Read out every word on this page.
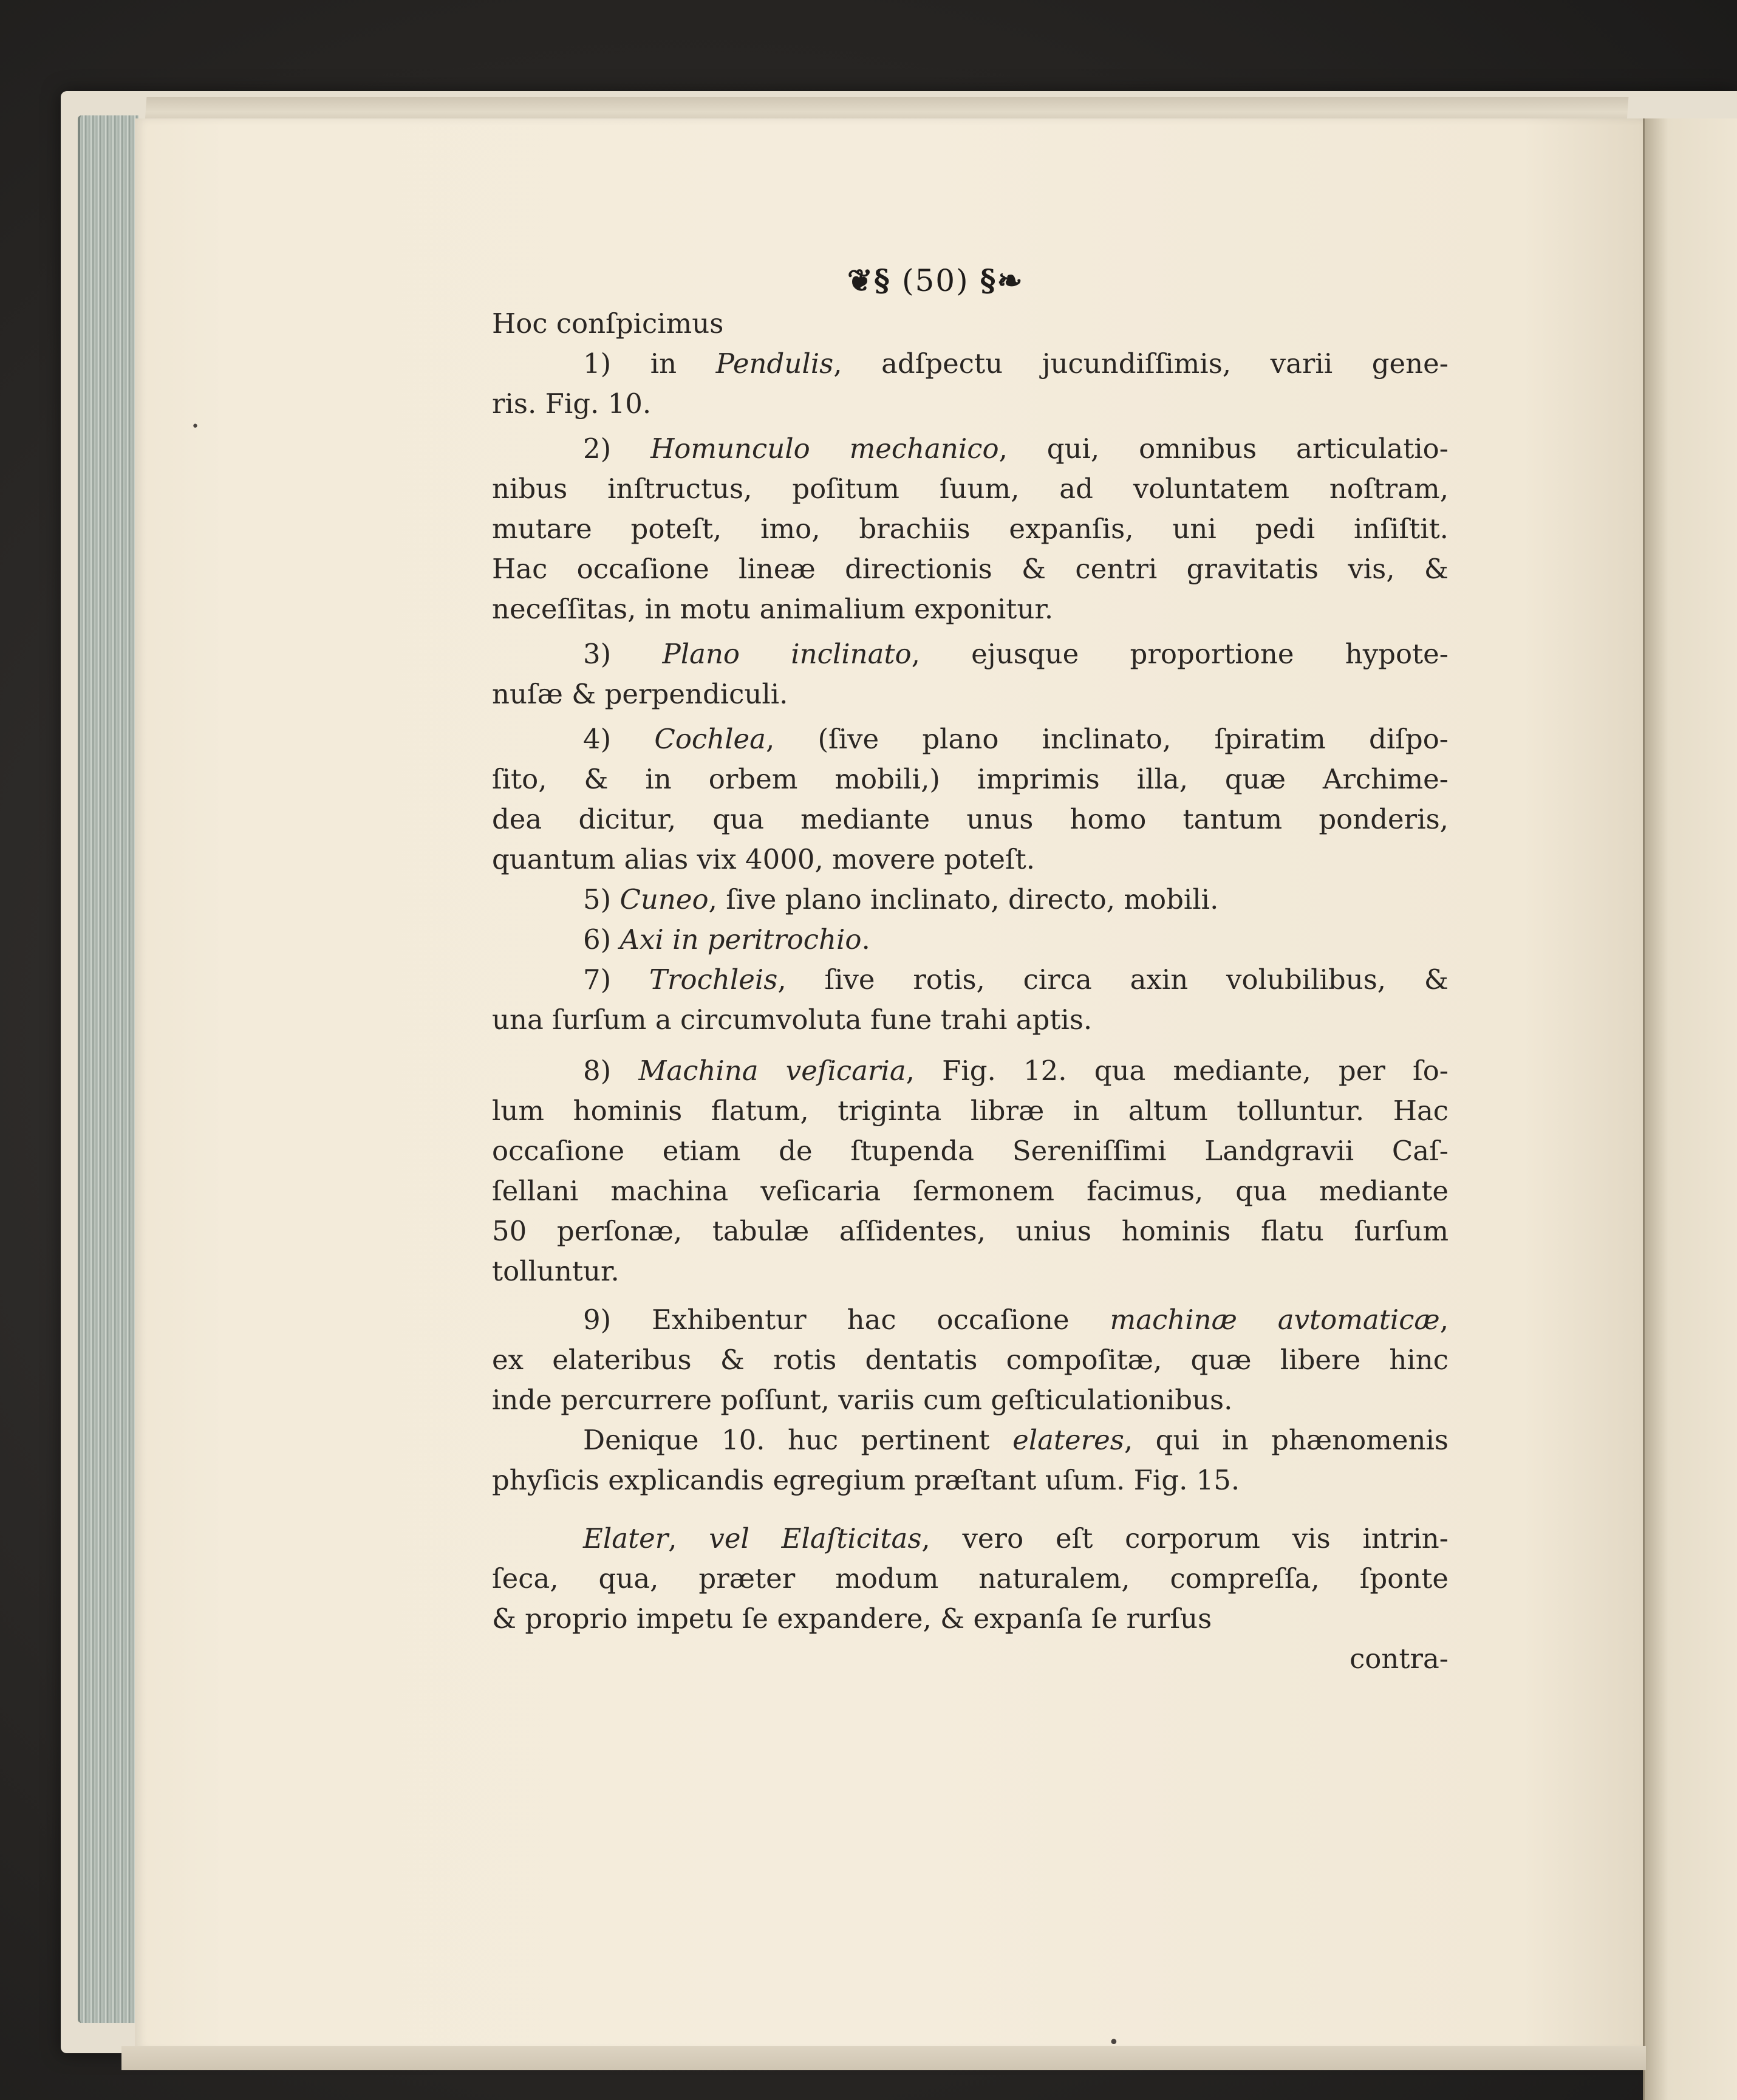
❦§ (50) §❧

Hoc conſpicimus

1) in Pendulis, adſpectu jucundiſſimis, varii gene-
ris. Fig. 10.
2) Homunculo mechanico, qui, omnibus articulatio-
nibus inſtructus, poſitum ſuum, ad voluntatem noſtram,
mutare poteſt, imo, brachiis expanſis, uni pedi inſiſtit.
Hac occaſione lineæ directionis & centri gravitatis vis, &
neceſſitas, in motu animalium exponitur.
3) Plano inclinato, ejusque proportione hypote-
nuſæ & perpendiculi.
4) Cochlea, (ſive plano inclinato, ſpiratim diſpo-
ſito, & in orbem mobili,) imprimis illa, quæ Archime-
dea dicitur, qua mediante unus homo tantum ponderis,
quantum alias vix 4000, movere poteſt.
5) Cuneo, ſive plano inclinato, directo, mobili.
6) Axi in peritrochio.
7) Trochleis, ſive rotis, circa axin volubilibus, &
una ſurſum a circumvoluta fune trahi aptis.
8) Machina veſicaria, Fig. 12. qua mediante, per ſo-
lum hominis flatum, triginta libræ in altum tolluntur. Hac
occaſione etiam de ſtupenda Sereniſſimi Landgravii Caſ-
ſellani machina veſicaria ſermonem facimus, qua mediante
50 perſonæ, tabulæ aſſidentes, unius hominis flatu ſurſum
tolluntur.
9) Exhibentur hac occaſione machinæ avtomaticæ,
ex elateribus & rotis dentatis compoſitæ, quæ libere hinc
inde percurrere poſſunt, variis cum geſticulationibus.
Denique 10. huc pertinent elateres, qui in phænomenis
phyſicis explicandis egregium præſtant uſum. Fig. 15.
Elater, vel Elaſticitas, vero eſt corporum vis intrin-
ſeca, qua, præter modum naturalem, compreſſa, ſponte
& proprio impetu ſe expandere, & expanſa ſe rurſus
contra-
•
•
